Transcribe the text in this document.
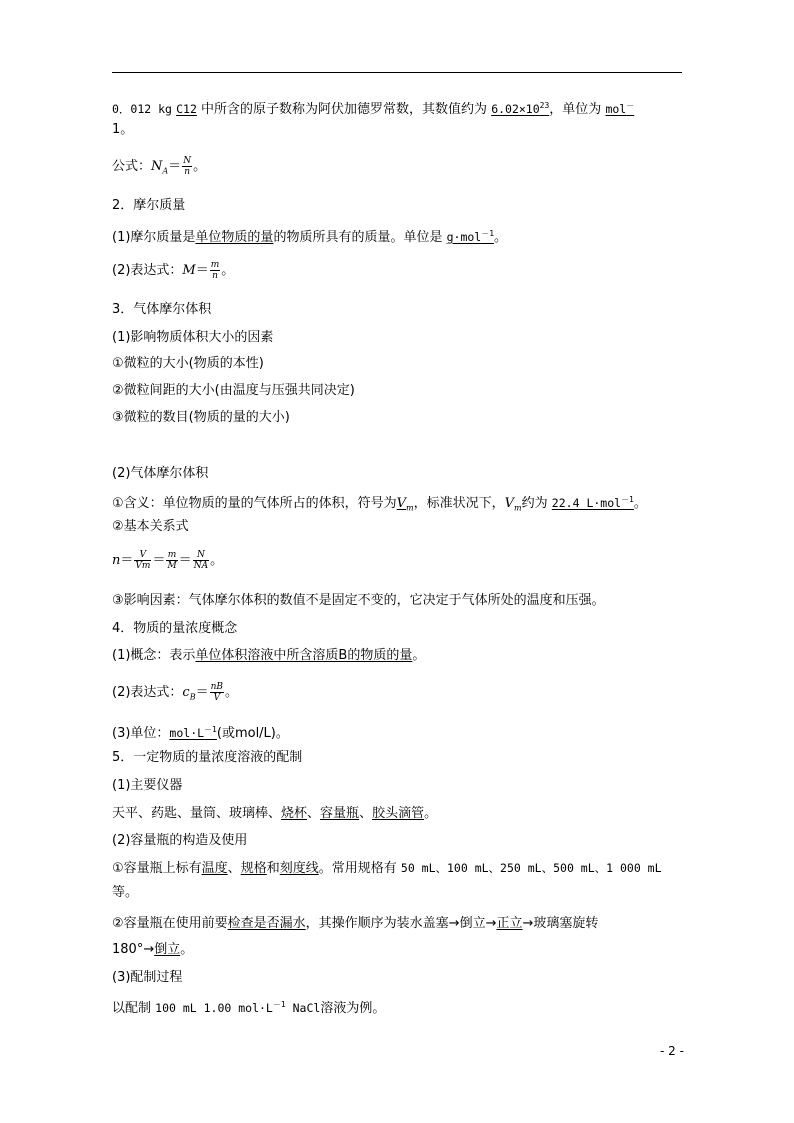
0．012 kg C12 中所含的原子数称为阿伏加德罗常数，其数值约为 $6.02\times 10^{23}$，单位为 mol－
1。
公式：$N_A= \frac{N}{n}$ 。
2．摩尔质量
(1)摩尔质量是单位物质的量的物质所具有的质量。单位是 g·mol$^{-1}$。
(2)表达式：$M= \frac{m}{n}$ 。
3．气体摩尔体积
(1)影响物质体积大小的因素
①微粒的大小(物质的本性)
②微粒间距的大小(由温度与压强共同决定)
③微粒的数目(物质的量的大小)
(2)气体摩尔体积
①含义：单位物质的量的气体所占的体积，符号为$V_m$，标准状况下，$V_m$约为 22.4 L·mol$^{-1}$。
②基本关系式
$n= \frac{V}{Vm} = \frac{m}{M} = \frac{N}{NA}$ 。
③影响因素：气体摩尔体积的数值不是固定不变的，它决定于气体所处的温度和压强。
4．物质的量浓度概念
(1)概念：表示单位体积溶液中所含溶质B的物质的量。
(2)表达式：$c_B= \frac{nB}{V}$ 。
(3)单位：$mol\cdot L^{-1}$(或mol/L)。
5．一定物质的量浓度溶液的配制
(1)主要仪器
天平、药匙、量筒、玻璃棒、烧杯、容量瓶、胶头滴管。
(2)容量瓶的构造及使用
①容量瓶上标有温度、规格和刻度线。常用规格有 50 mL、100 mL、250 mL、500 mL、1 000 mL
等。
②容量瓶在使用前要检查是否漏水，其操作顺序为装水盖塞→倒立→正立→玻璃塞旋转
180°→倒立。
(3)配制过程
以配制 100 mL 1.00 $mol\cdot L^{-1}$ NaCl溶液为例。
- 2 -
